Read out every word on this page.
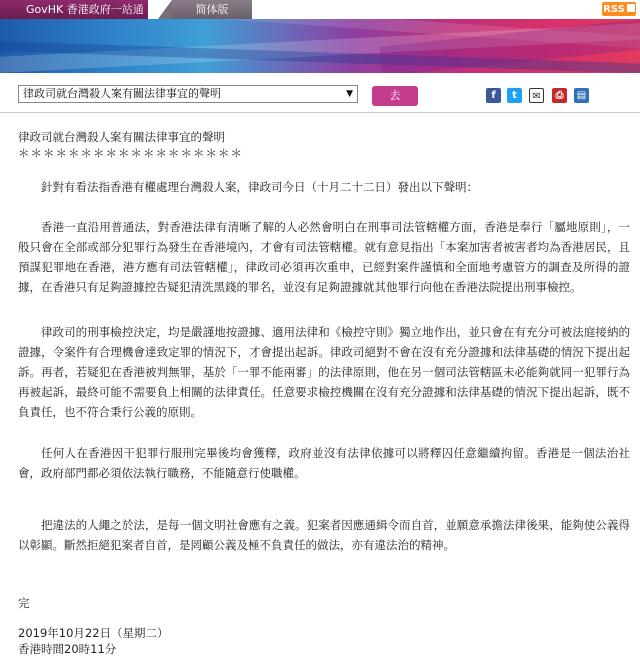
GovHK 香港政府一站通	简体版	RSS
律政司就台灣殺人案有關法律事宜的聲明	▼	去	f	t	✉	⎙	▤
律政司就台灣殺人案有關法律事宜的聲明
＊＊＊＊＊＊＊＊＊＊＊＊＊＊＊＊＊＊

針對有看法指香港有權處理台灣殺人案，律政司今日（十月二十二日）發出以下聲明：

香港一直沿用普通法，對香港法律有清晰了解的人必然會明白在刑事司法管轄權方面，香港是奉行「屬地原則」，一般只會在全部或部分犯罪行為發生在香港境內，才會有司法管轄權。就有意見指出「本案加害者被害者均為香港居民，且預謀犯罪地在香港，港方應有司法管轄權」，律政司必須再次重申，已經對案件謹慎和全面地考慮管方的調查及所得的證據，在香港只有足夠證據控告疑犯清洗黑錢的罪名，並沒有足夠證據就其他罪行向他在香港法院提出刑事檢控。

律政司的刑事檢控決定，均是嚴謹地按證據、適用法律和《檢控守則》獨立地作出，並只會在有充分可被法庭接納的證據，令案件有合理機會達致定罪的情況下，才會提出起訴。律政司絕對不會在沒有充分證據和法律基礎的情況下提出起訴。再者，若疑犯在香港被判無罪，基於「一罪不能兩審」的法律原則，他在另一個司法管轄區未必能夠就同一犯罪行為再被起訴，最終可能不需要負上相關的法律責任。任意要求檢控機關在沒有充分證據和法律基礎的情況下提出起訴，既不負責任，也不符合秉行公義的原則。

任何人在香港因干犯罪行服刑完畢後均會獲釋，政府並沒有法律依據可以將釋囚任意繼續拘留。香港是一個法治社會，政府部門都必須依法執行職務，不能隨意行使職權。

把違法的人繩之於法，是每一個文明社會應有之義。犯案者因應通緝令而自首，並願意承擔法律後果，能夠使公義得以彰顯。斷然拒絕犯案者自首，是罔顧公義及極不負責任的做法，亦有違法治的精神。

完
2019年10月22日（星期二）
香港時間20時11分
